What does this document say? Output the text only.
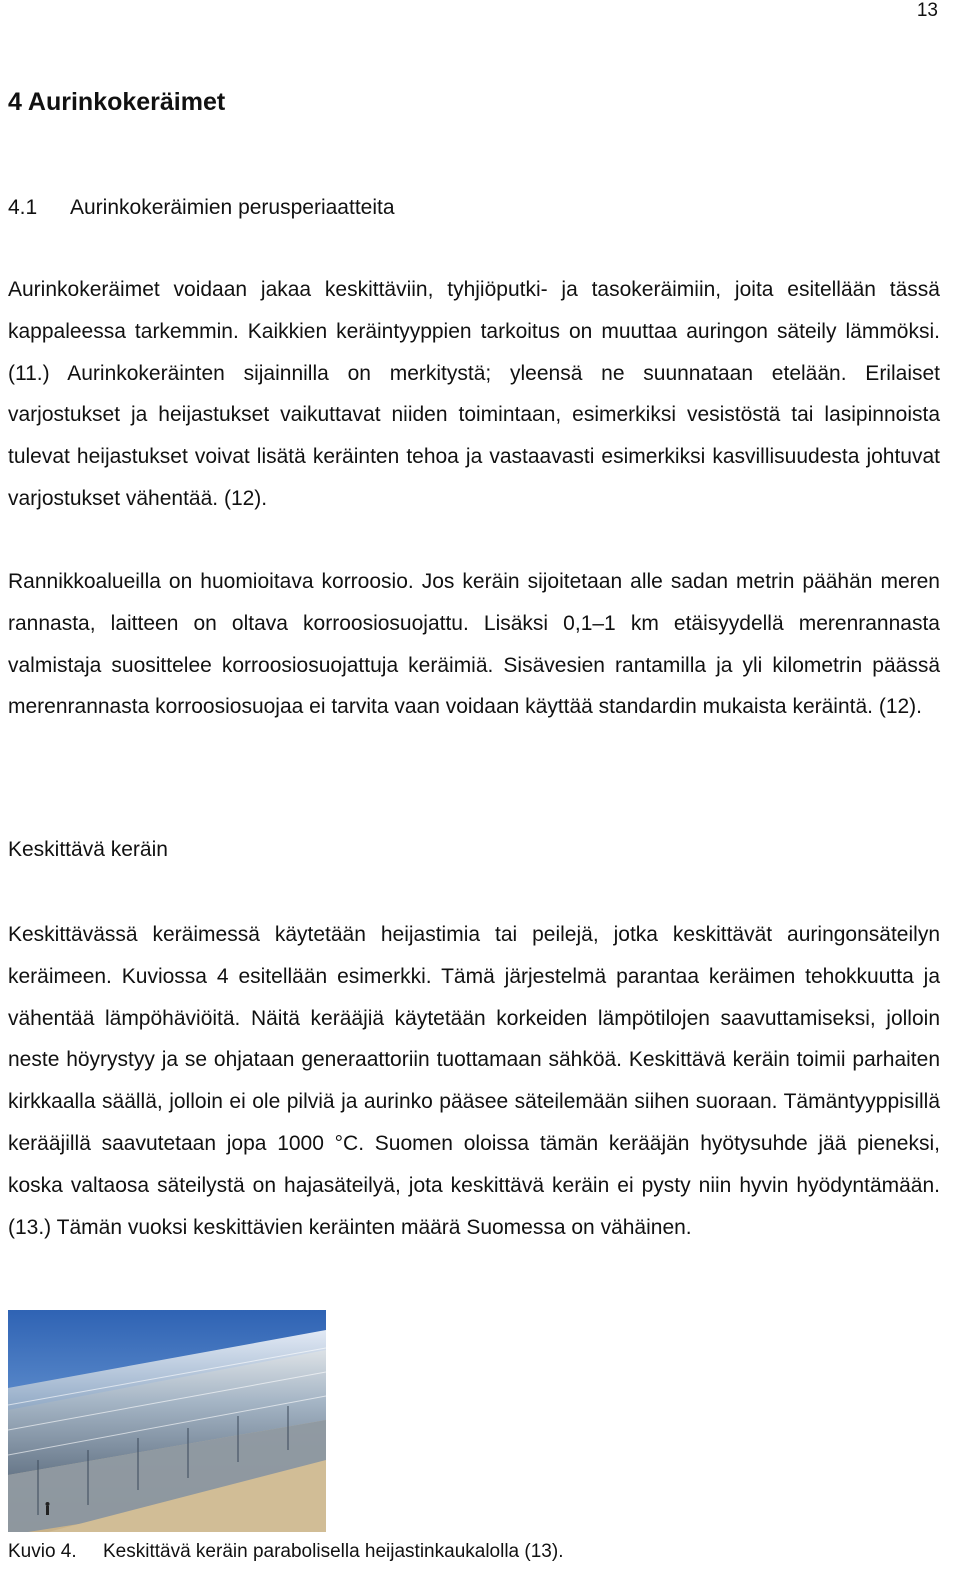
13
4 Aurinkokeräimet
4.1 Aurinkokeräimien perusperiaatteita

Aurinkokeräimet voidaan jakaa keskittäviin, tyhjiöputki- ja tasokeräimiin, joita esitellään tässä kappaleessa tarkemmin. Kaikkien keräintyyppien tarkoitus on muuttaa auringon säteily lämmöksi. (11.) Aurinkokeräinten sijainnilla on merkitystä; yleensä ne suunnataan etelään. Erilaiset varjostukset ja heijastukset vaikuttavat niiden toimintaan, esimerkiksi vesistöstä tai lasipinnoista tulevat heijastukset voivat lisätä keräinten tehoa ja vastaavasti esimerkiksi kasvillisuudesta johtuvat varjostukset vähentää. (12).

Rannikkoalueilla on huomioitava korroosio. Jos keräin sijoitetaan alle sadan metrin päähän meren rannasta, laitteen on oltava korroosiosuojattu. Lisäksi 0,1–1 km etäisyydellä merenrannasta valmistaja suosittelee korroosiosuojattuja keräimiä. Sisävesien rantamilla ja yli kilometrin päässä merenrannasta korroosiosuojaa ei tarvita vaan voidaan käyttää standardin mukaista keräintä. (12).

Keskittävä keräin

Keskittävässä keräimessä käytetään heijastimia tai peilejä, jotka keskittävät auringonsäteilyn keräimeen. Kuviossa 4 esitellään esimerkki. Tämä järjestelmä parantaa keräimen tehokkuutta ja vähentää lämpöhäviöitä. Näitä kerääjiä käytetään korkeiden lämpötilojen saavuttamiseksi, jolloin neste höyrystyy ja se ohjataan generaattoriin tuottamaan sähköä. Keskittävä keräin toimii parhaiten kirkkaalla säällä, jolloin ei ole pilviä ja aurinko pääsee säteilemään siihen suoraan. Tämäntyyppisillä kerääjillä saavutetaan jopa 1000 °C. Suomen oloissa tämän kerääjän hyötysuhde jää pieneksi, koska valtaosa säteilystä on hajasäteilyä, jota keskittävä keräin ei pysty niin hyvin hyödyntämään. (13.) Tämän vuoksi keskittävien keräinten määrä Suomessa on vähäinen.

Kuvio 4. Keskittävä keräin parabolisella heijastinkaukalolla (13).
